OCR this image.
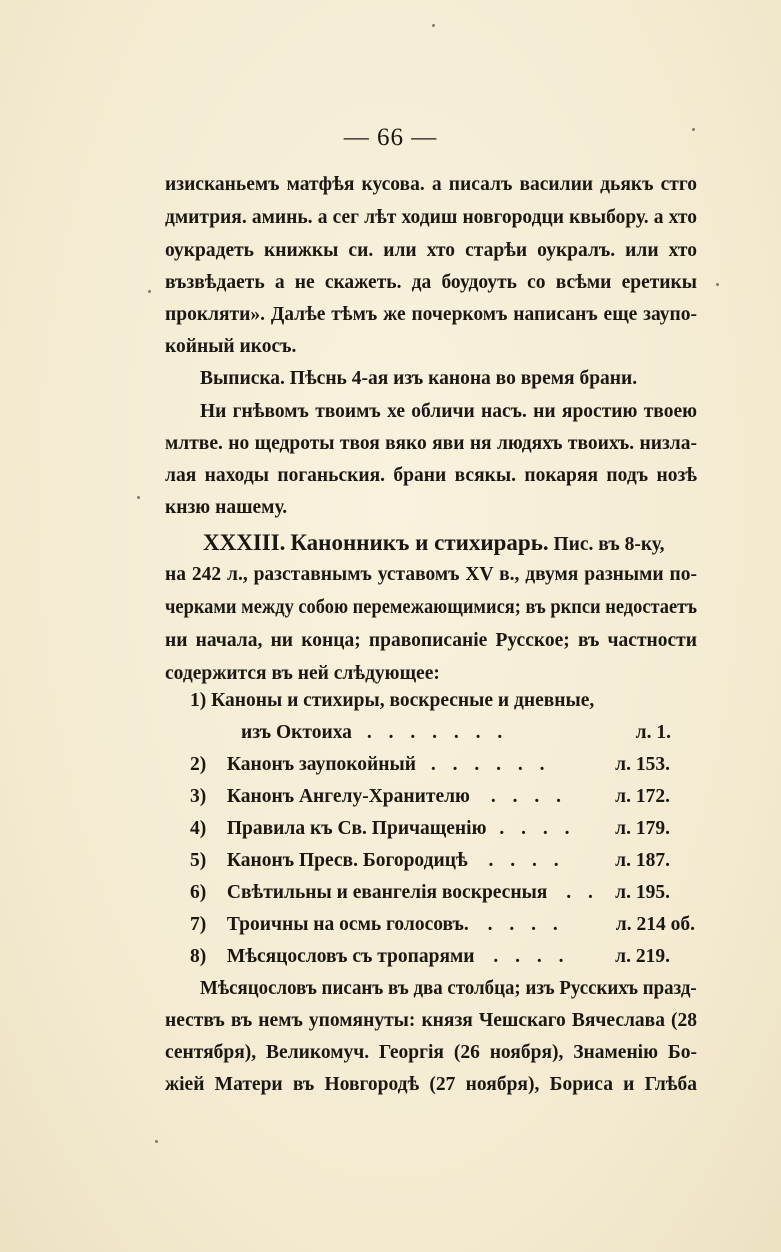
— 66 —
изисканьемъ матфѣя кусова. а писалъ василии дьякъ стго
дмитрия. аминь. а сег лѣт ходиш новгородци квыбору. а хто
оукрадеть книжкы си. или хто старѣи оукралъ. или хто
възвѣдаеть а не скажеть. да боудоуть со всѣми еретикы
прокляти». Далѣе тѣмъ же почеркомъ написанъ еще заупо-
койный икосъ.
Выписка. Пѣснь 4-ая изъ канона во время брани.
Ни гнѣвомъ твоимъ хе обличи насъ. ни яростию твоею
млтве. но щедроты твоя вяко яви ня людяхъ твоихъ. низла-
лая находы поганьския. брани всякы. покаряя подъ нозѣ
кнзю нашему.
XXXIII. Канонникъ и стихирарь. Пис. въ 8-ку,
на 242 л., разставнымъ уставомъ XV в., двумя разными по-
черками между собою перемежающимися; въ ркпси недостаетъ
ни начала, ни конца; правописаніе Русское; въ частности
содержится въ ней слѣдующее:
1) Каноны и стихиры, воскресные и дневные,
изъ Октоиха . . . . . . .	л. 1.
2) Канонъ заупокойный . . . . . .	л. 153.
3) Канонъ Ангелу-Хранителю . . . . л. 172.
4) Правила къ Св. Причащенію . . . . л. 179.
5) Канонъ Пресв. Богородицѣ . . . .	л. 187.
6) Свѣтильны и евангелія воскресныя . . л. 195.
7) Троичны на осмь голосовъ. . . . .	л. 214 об.
8) Мѣсяцословъ съ тропарями . . . . л. 219.
Мѣсяцословъ писанъ въ два столбца; изъ Русскихъ празд-
нествъ въ немъ упомянуты: князя Чешскаго Вячеслава (28
сентября), Великомуч. Георгія (26 ноября), Знаменію Бо-
жіей Матери въ Новгородѣ (27 ноября), Бориса и Глѣба
